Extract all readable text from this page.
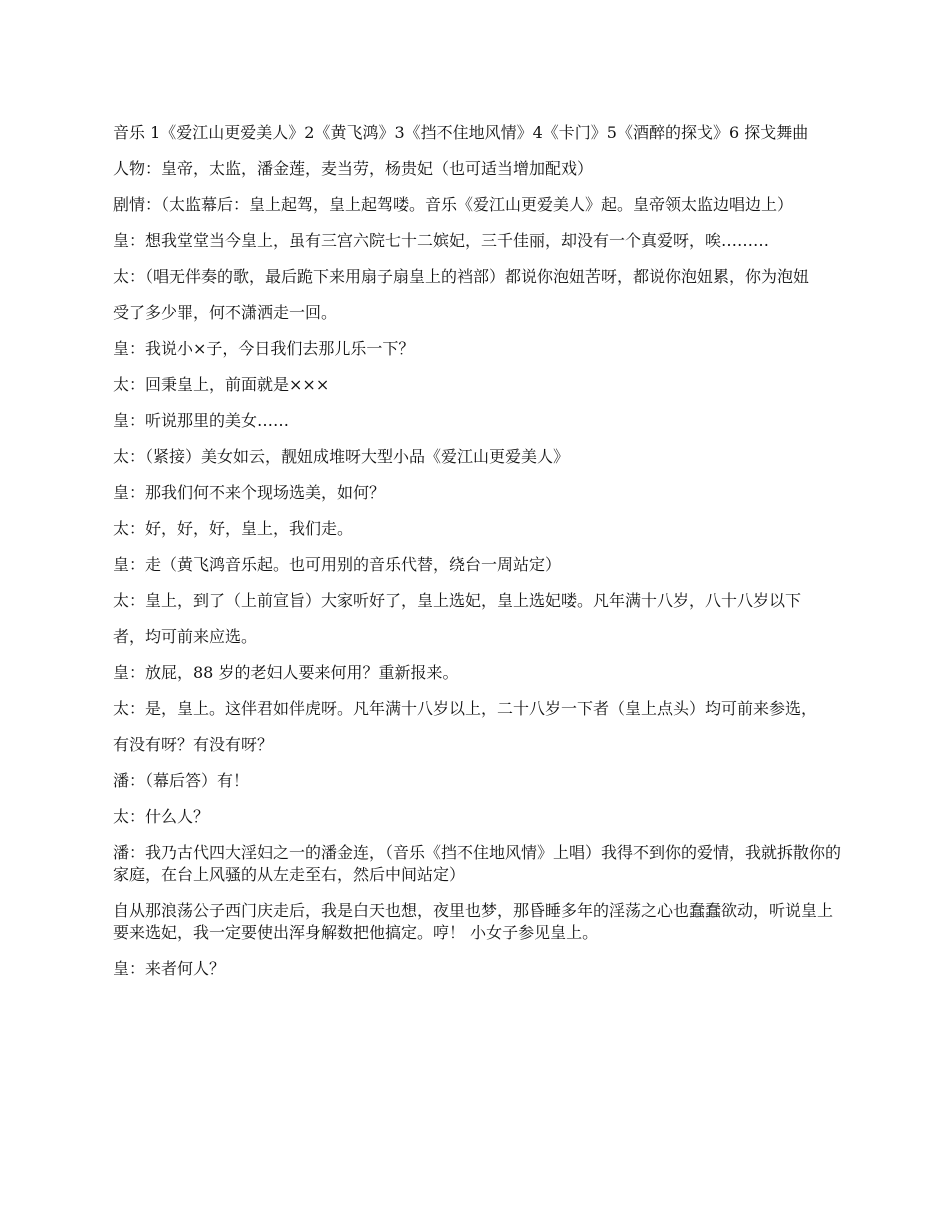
音乐 1《爱江山更爱美人》2《黄飞鸿》3《挡不住地风情》4《卡门》5《酒醉的探戈》6 探戈舞曲

人物：皇帝，太监，潘金莲，麦当劳，杨贵妃（也可适当增加配戏）

剧情：（太监幕后：皇上起驾，皇上起驾喽。音乐《爱江山更爱美人》起。皇帝领太监边唱边上）

皇：想我堂堂当今皇上，虽有三宫六院七十二嫔妃，三千佳丽，却没有一个真爱呀，唉………

太：（唱无伴奏的歌，最后跪下来用扇子扇皇上的裆部）都说你泡妞苦呀，都说你泡妞累，你为泡妞

受了多少罪，何不潇洒走一回。

皇：我说小×子，今日我们去那儿乐一下？

太：回秉皇上，前面就是×××

皇：听说那里的美女……

太：（紧接）美女如云，靓妞成堆呀大型小品《爱江山更爱美人》

皇：那我们何不来个现场选美，如何？

太：好，好，好，皇上，我们走。

皇：走（黄飞鸿音乐起。也可用别的音乐代替，绕台一周站定）

太：皇上，到了（上前宣旨）大家听好了，皇上选妃，皇上选妃喽。凡年满十八岁，八十八岁以下

者，均可前来应选。

皇：放屁，88 岁的老妇人要来何用？重新报来。

太：是，皇上。这伴君如伴虎呀。凡年满十八岁以上，二十八岁一下者（皇上点头）均可前来参选，

有没有呀？有没有呀？

潘：（幕后答）有！

太：什么人？

潘：我乃古代四大淫妇之一的潘金连，（音乐《挡不住地风情》上唱）我得不到你的爱情，我就拆散你的家庭，在台上风骚的从左走至右，然后中间站定）

自从那浪荡公子西门庆走后，我是白天也想，夜里也梦，那昏睡多年的淫荡之心也蠢蠢欲动，听说皇上要来选妃，我一定要使出浑身解数把他搞定。哼！ 小女子参见皇上。

皇：来者何人？
